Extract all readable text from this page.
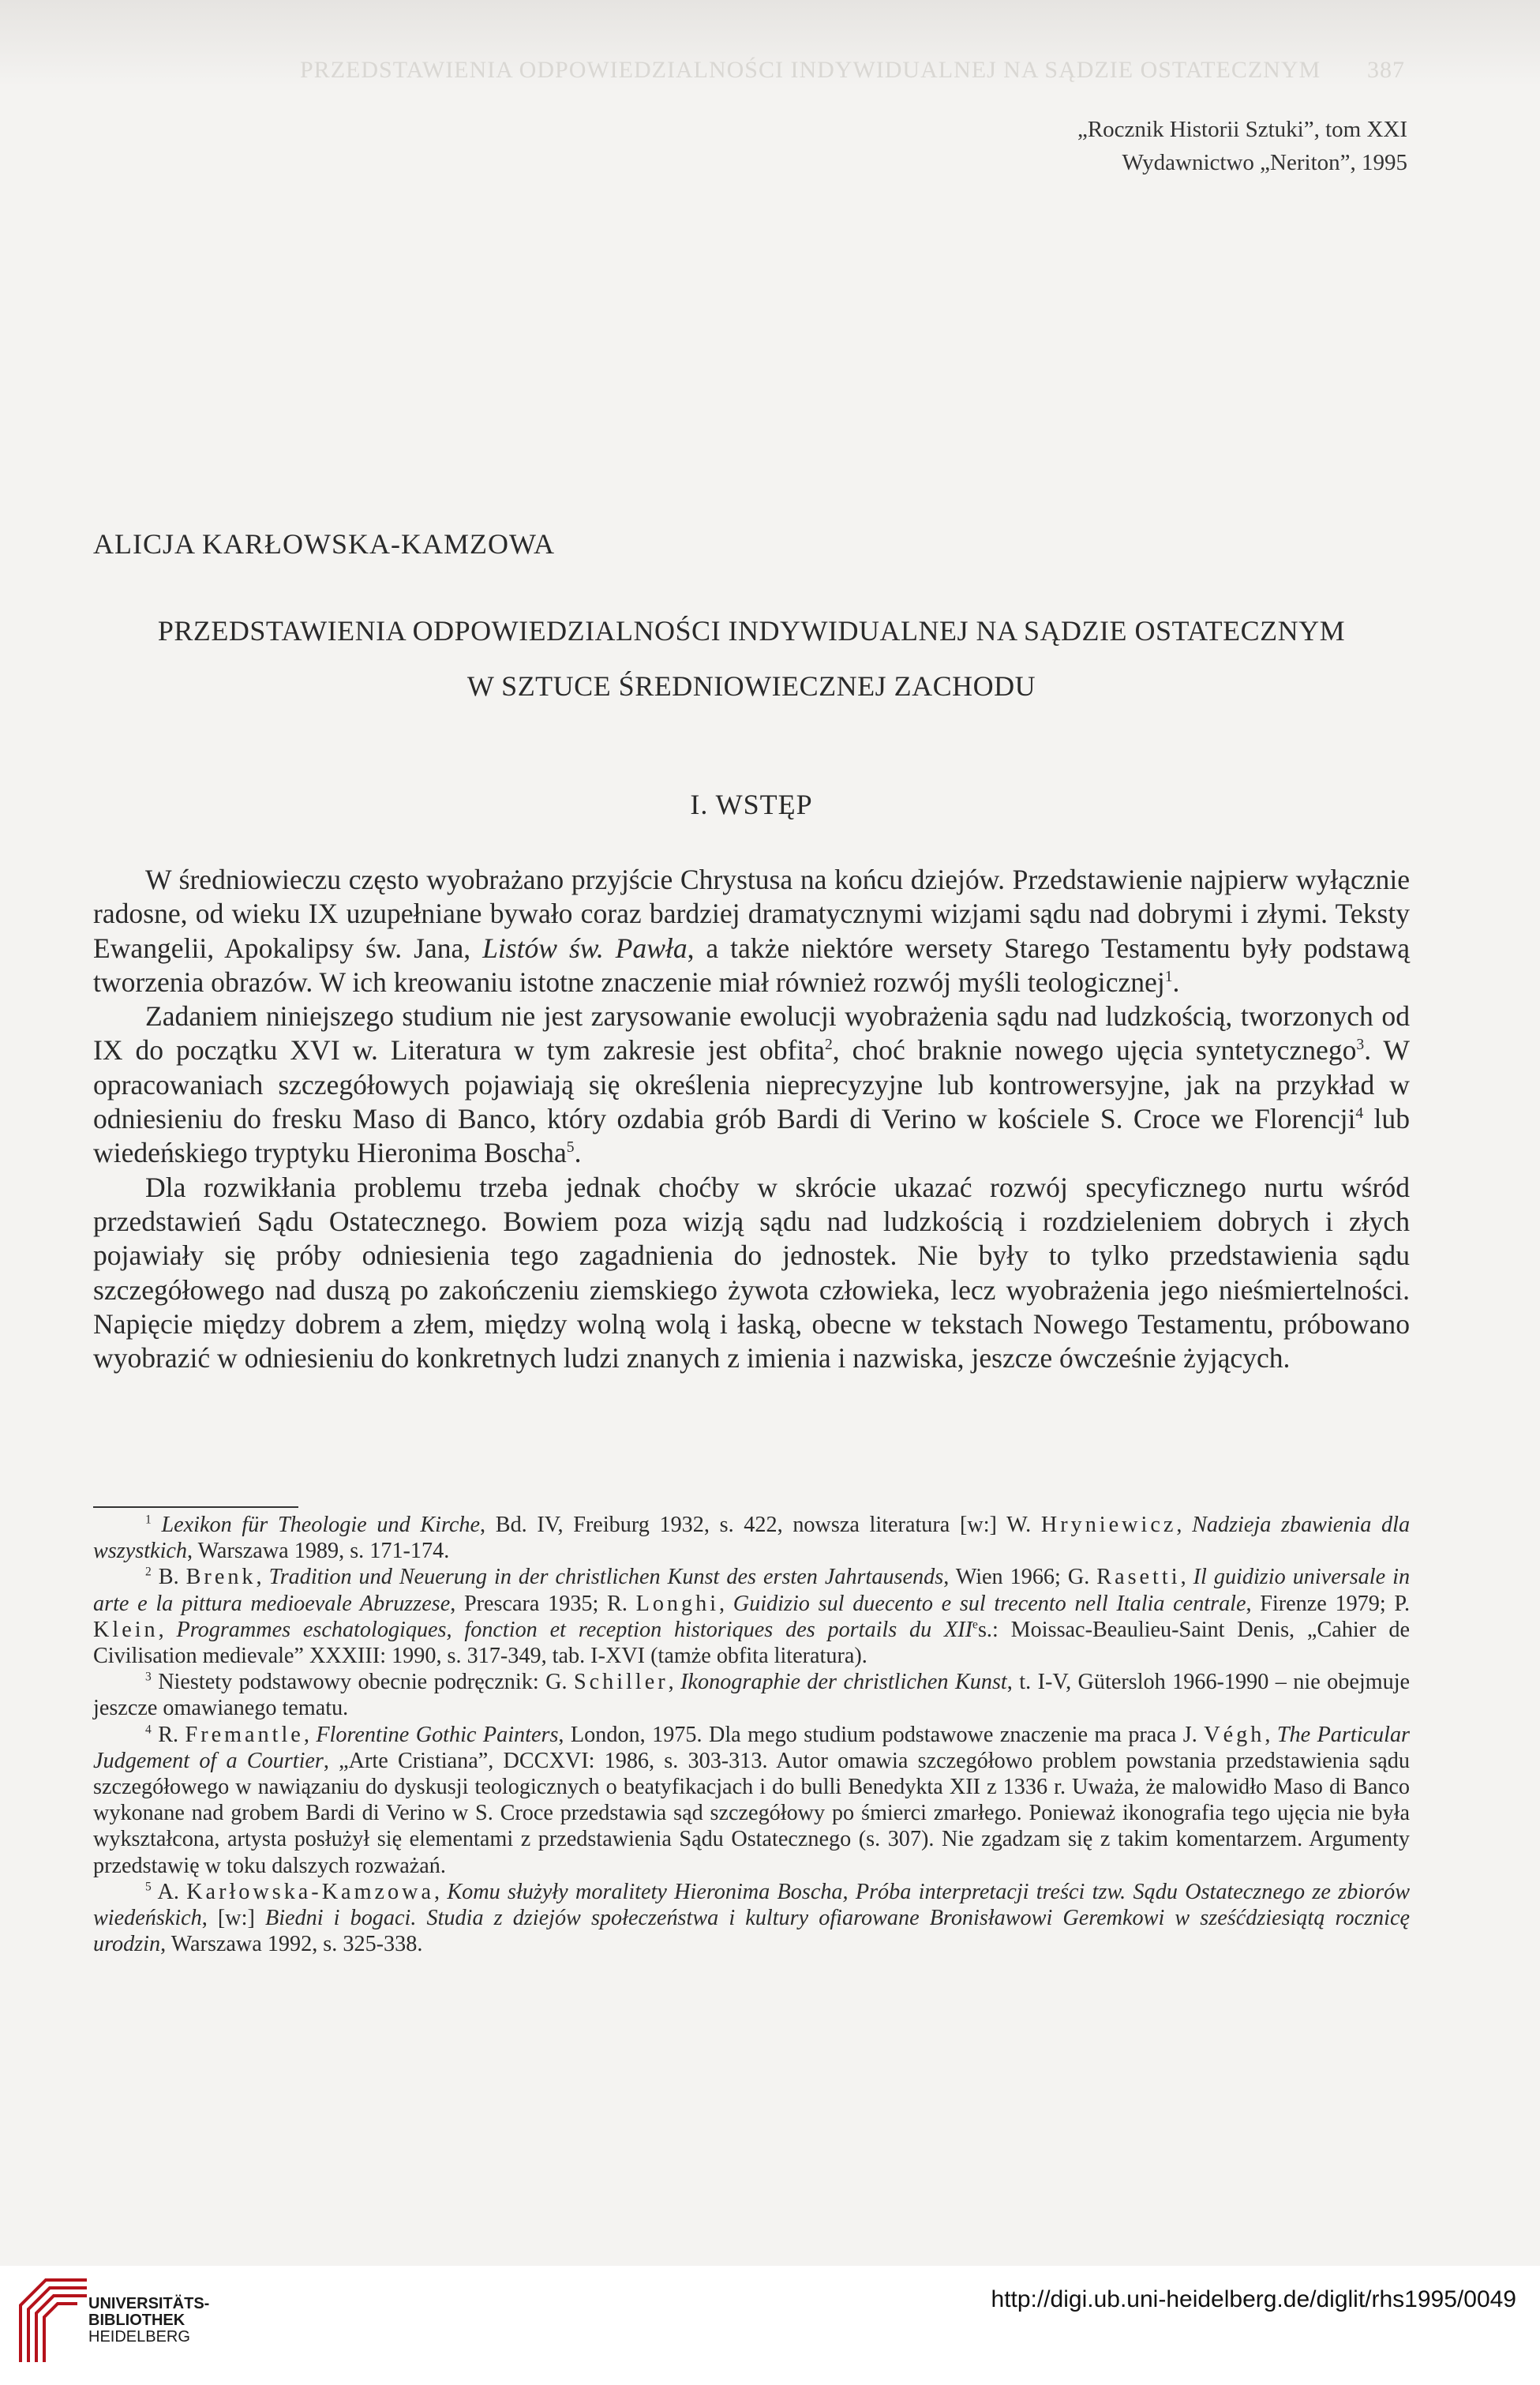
PRZEDSTAWIENIA ODPOWIEDZIALNOŚCI INDYWIDUALNEJ NA SĄDZIE OSTATECZNYM 387
„Rocznik Historii Sztuki”, tom XXI
Wydawnictwo „Neriton”, 1995
ALICJA KARŁOWSKA-KAMZOWA
PRZEDSTAWIENIA ODPOWIEDZIALNOŚCI INDYWIDUALNEJ NA SĄDZIE OSTATECZNYM
W SZTUCE ŚREDNIOWIECZNEJ ZACHODU
I. WSTĘP

W średniowieczu często wyobrażano przyjście Chrystusa na końcu dziejów. Przedstawienie najpierw wyłącznie radosne, od wieku IX uzupełniane bywało coraz bardziej dramatycznymi wizjami sądu nad dobrymi i złymi. Teksty Ewangelii, Apokalipsy św. Jana, Listów św. Pawła, a także niektóre wersety Starego Testamentu były podstawą tworzenia obrazów. W ich kreowaniu istotne znaczenie miał również rozwój myśli teologicznej$^1$.

Zadaniem niniejszego studium nie jest zarysowanie ewolucji wyobrażenia sądu nad ludzkością, tworzonych od IX do początku XVI w. Literatura w tym zakresie jest obfita$^2$, choć braknie nowego ujęcia syntetycznego$^3$. W opracowaniach szczegółowych pojawiają się określenia nieprecyzyjne lub kontrowersyjne, jak na przykład w odniesieniu do fresku Maso di Banco, który ozdabia grób Bardi di Verino w kościele S. Croce we Florencji$^4$ lub wiedeńskiego tryptyku Hieronima Boscha$^5$.

Dla rozwikłania problemu trzeba jednak choćby w skrócie ukazać rozwój specyficznego nurtu wśród przedstawień Sądu Ostatecznego. Bowiem poza wizją sądu nad ludzkością i rozdzieleniem dobrych i złych pojawiały się próby odniesienia tego zagadnienia do jednostek. Nie były to tylko przedstawienia sądu szczegółowego nad duszą po zakończeniu ziemskiego żywota człowieka, lecz wyobrażenia jego nieśmiertelności. Napięcie między dobrem a złem, między wolną wolą i łaską, obecne w tekstach Nowego Testamentu, próbowano wyobrazić w odniesieniu do konkretnych ludzi znanych z imienia i nazwiska, jeszcze ówcześnie żyjących.

$^1$ Lexikon für Theologie und Kirche, Bd. IV, Freiburg 1932, s. 422, nowsza literatura [w:] W. Hryniewicz, Nadzieja zbawienia dla wszystkich, Warszawa 1989, s. 171-174.

$^2$ B. Brenk, Tradition und Neuerung in der christlichen Kunst des ersten Jahrtausends, Wien 1966; G. Rasetti, Il guidizio universale in arte e la pittura medioevale Abruzzese, Prescara 1935; R. Longhi, Guidizio sul duecento e sul trecento nell Italia centrale, Firenze 1979; P. Klein, Programmes eschatologiques, fonction et reception historiques des portails du XIIes.: Moissac-Beaulieu-Saint Denis, „Cahier de Civilisation medievale” XXXIII: 1990, s. 317-349, tab. I-XVI (tamże obfita literatura).

$^3$ Niestety podstawowy obecnie podręcznik: G. Schiller, Ikonographie der christlichen Kunst, t. I-V, Gütersloh 1966-1990 – nie obejmuje jeszcze omawianego tematu.

$^4$ R. Fremantle, Florentine Gothic Painters, London, 1975. Dla mego studium podstawowe znaczenie ma praca J. Végh, The Particular Judgement of a Courtier, „Arte Cristiana”, DCCXVI: 1986, s. 303-313. Autor omawia szczegółowo problem powstania przedstawienia sądu szczegółowego w nawiązaniu do dyskusji teologicznych o beatyfikacjach i do bulli Benedykta XII z 1336 r. Uważa, że malowidło Maso di Banco wykonane nad grobem Bardi di Verino w S. Croce przedstawia sąd szczegółowy po śmierci zmarłego. Ponieważ ikonografia tego ujęcia nie była wykształcona, artysta posłużył się elementami z przedstawienia Sądu Ostatecznego (s. 307). Nie zgadzam się z takim komentarzem. Argumenty przedstawię w toku dalszych rozważań.

$^5$ A. Karłowska-Kamzowa, Komu służyły moralitety Hieronima Boscha, Próba interpretacji treści tzw. Sądu Ostatecznego ze zbiorów wiedeńskich, [w:] Biedni i bogaci. Studia z dziejów społeczeństwa i kultury ofiarowane Bronisławowi Geremkowi w sześćdziesiątą rocznicę urodzin, Warszawa 1992, s. 325-338.

UNIVERSITÄTS-
BIBLIOTHEK
HEIDELBERG
http://digi.ub.uni-heidelberg.de/diglit/rhs1995/0049
